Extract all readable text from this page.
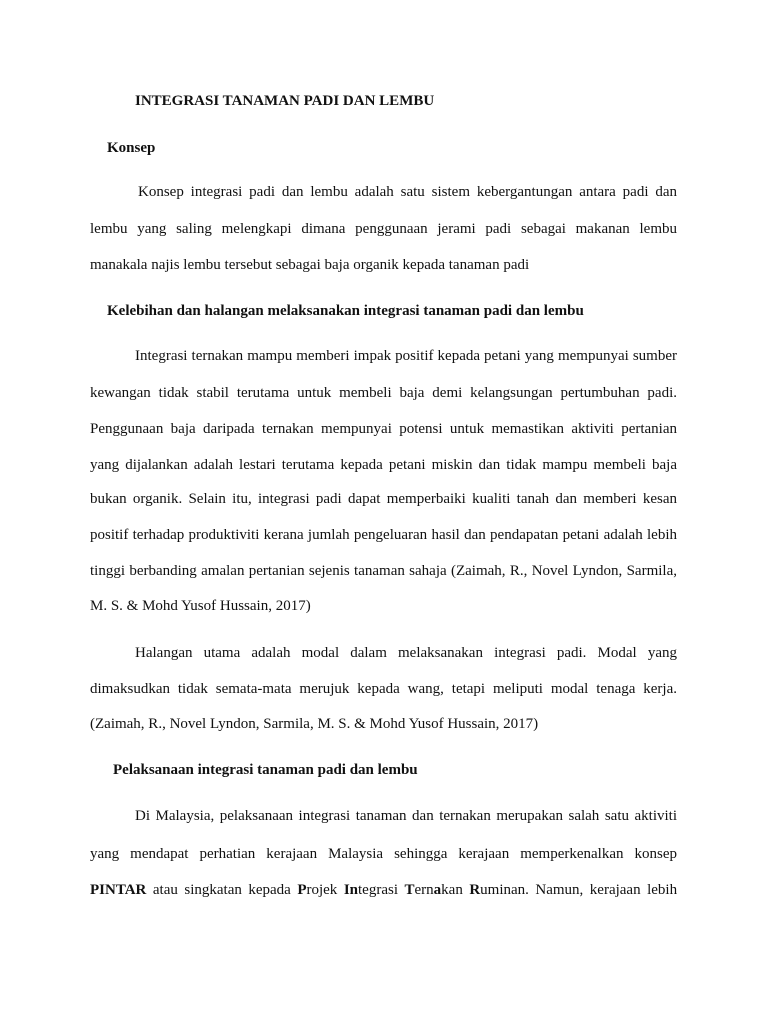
INTEGRASI TANAMAN PADI DAN LEMBU
Konsep
Konsep integrasi padi dan lembu adalah satu sistem kebergantungan antara padi dan
lembu yang saling melengkapi dimana penggunaan jerami padi sebagai makanan lembu
manakala najis lembu tersebut sebagai baja organik kepada tanaman padi
Kelebihan dan halangan melaksanakan integrasi tanaman padi dan lembu
Integrasi ternakan mampu memberi impak positif kepada petani yang mempunyai sumber
kewangan tidak stabil terutama untuk membeli baja demi kelangsungan pertumbuhan padi.
Penggunaan baja daripada ternakan mempunyai potensi untuk memastikan aktiviti pertanian
yang dijalankan adalah lestari terutama kepada petani miskin dan tidak mampu membeli baja
bukan organik. Selain itu, integrasi padi dapat memperbaiki kualiti tanah dan memberi kesan
positif terhadap produktiviti kerana jumlah pengeluaran hasil dan pendapatan petani adalah lebih
tinggi berbanding amalan pertanian sejenis tanaman sahaja (Zaimah, R., Novel Lyndon, Sarmila,
M. S. & Mohd Yusof Hussain, 2017)
Halangan utama adalah modal dalam melaksanakan integrasi padi. Modal yang
dimaksudkan tidak semata-mata merujuk kepada wang, tetapi meliputi modal tenaga kerja.
(Zaimah, R., Novel Lyndon, Sarmila, M. S. & Mohd Yusof Hussain, 2017)
Pelaksanaan integrasi tanaman padi dan lembu
Di Malaysia, pelaksanaan integrasi tanaman dan ternakan merupakan salah satu aktiviti
yang mendapat perhatian kerajaan Malaysia sehingga kerajaan memperkenalkan konsep
PINTAR atau singkatan kepada Projek Integrasi Ternakan Ruminan. Namun, kerajaan lebih
